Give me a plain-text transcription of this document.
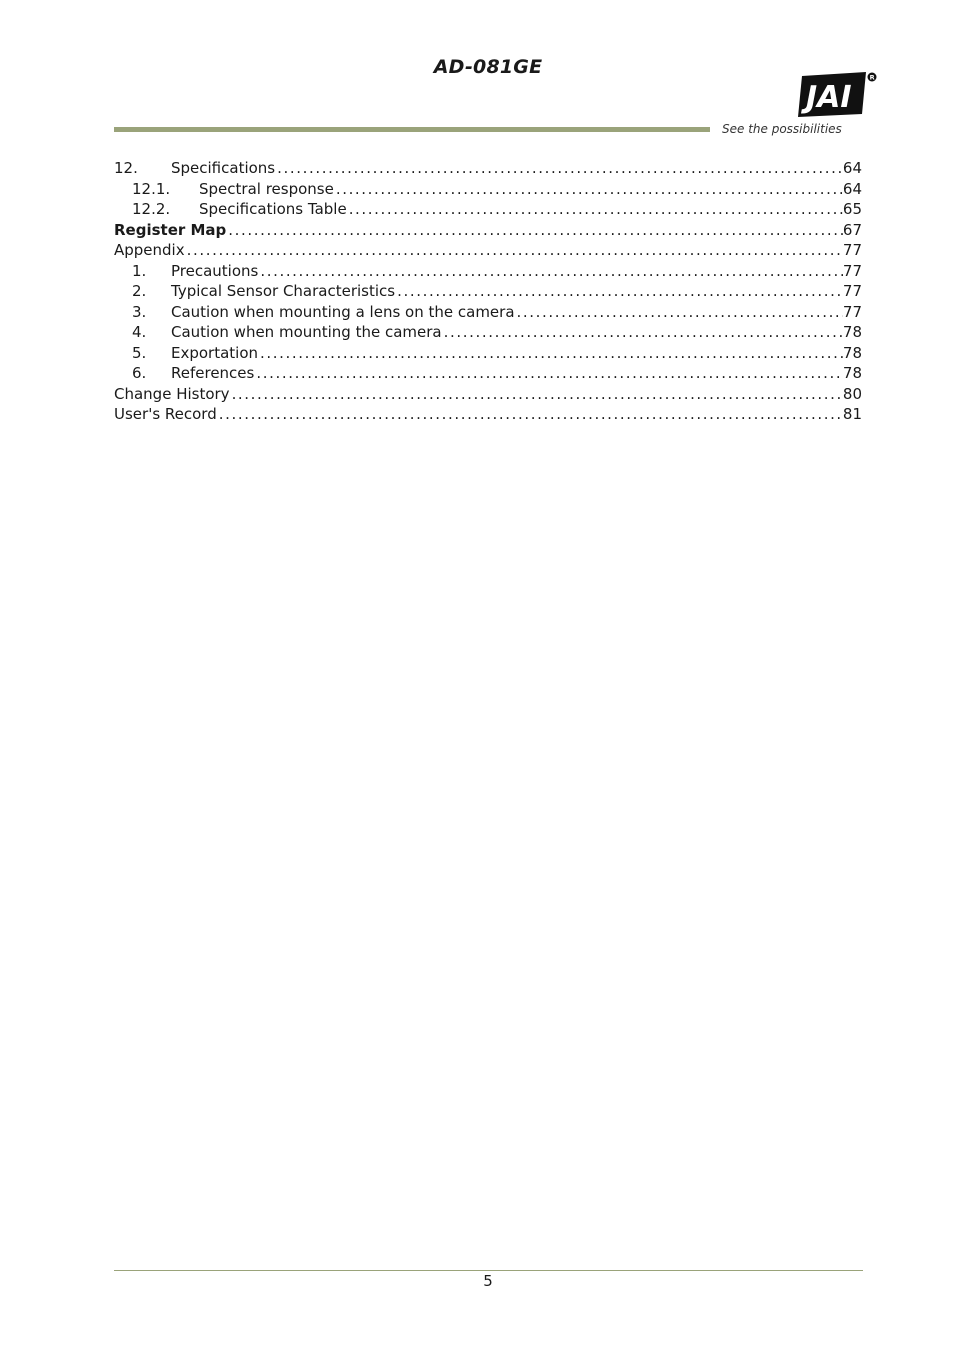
AD-081GE
JAI
R
See the possibilities
12.	Specifications .....	64
12.1.	Spectral response .....	64
12.2.	Specifications Table .....	65
Register Map .....	67
Appendix .....	77
1.	Precautions .....	77
2.	Typical Sensor Characteristics .....	77
3.	Caution when mounting a lens on the camera .....	77
4.	Caution when mounting the camera .....	78
5.	Exportation .....	78
6.	References .....	78
Change History .....	80
User's Record .....	81
5
